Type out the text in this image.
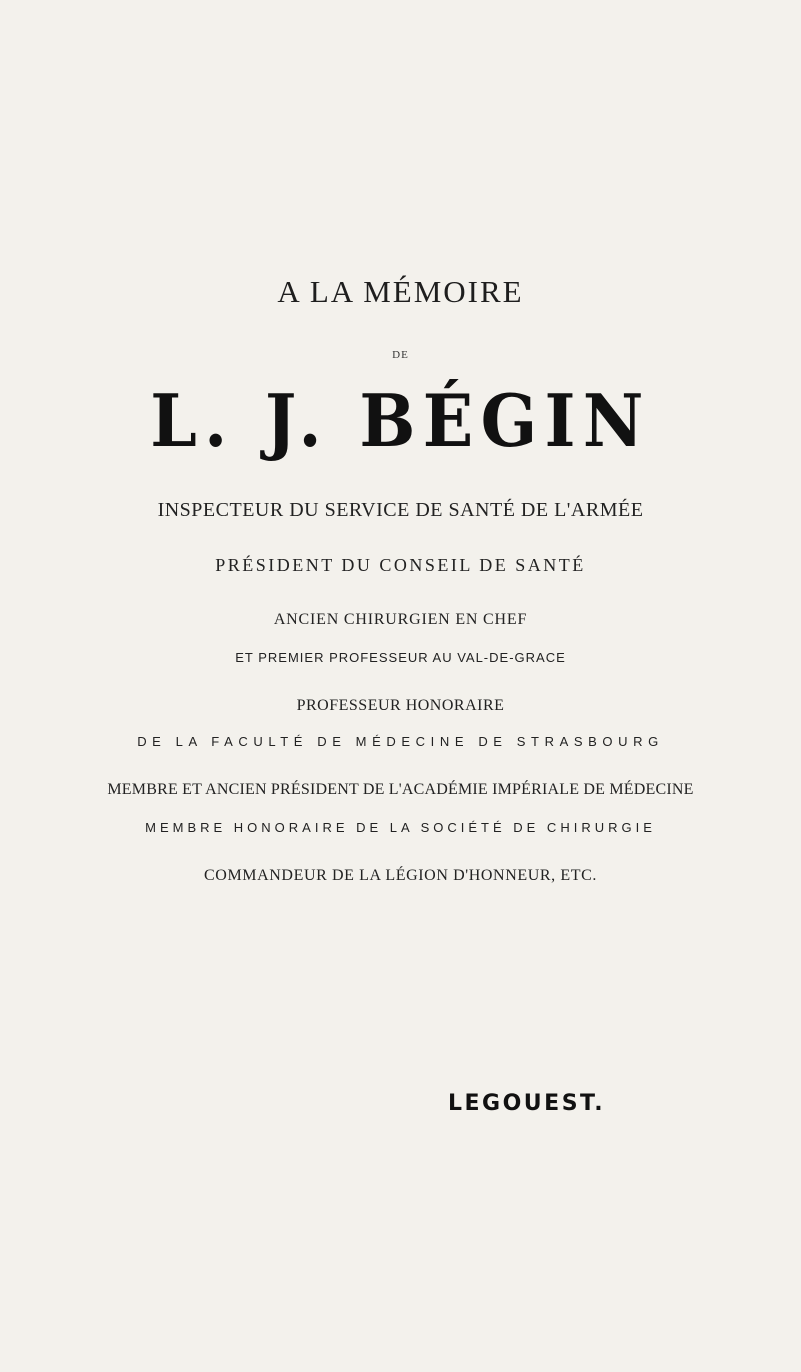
A LA MÉMOIRE
DE
L. J. BÉGIN
INSPECTEUR DU SERVICE DE SANTÉ DE L'ARMÉE
PRÉSIDENT DU CONSEIL DE SANTÉ
ANCIEN CHIRURGIEN EN CHEF
ET PREMIER PROFESSEUR AU VAL-DE-GRACE
PROFESSEUR HONORAIRE
DE LA FACULTÉ DE MÉDECINE DE STRASBOURG
MEMBRE ET ANCIEN PRÉSIDENT DE L'ACADÉMIE IMPÉRIALE DE MÉDECINE
MEMBRE HONORAIRE DE LA SOCIÉTÉ DE CHIRURGIE
COMMANDEUR DE LA LÉGION D'HONNEUR, ETC.
LEGOUEST.
